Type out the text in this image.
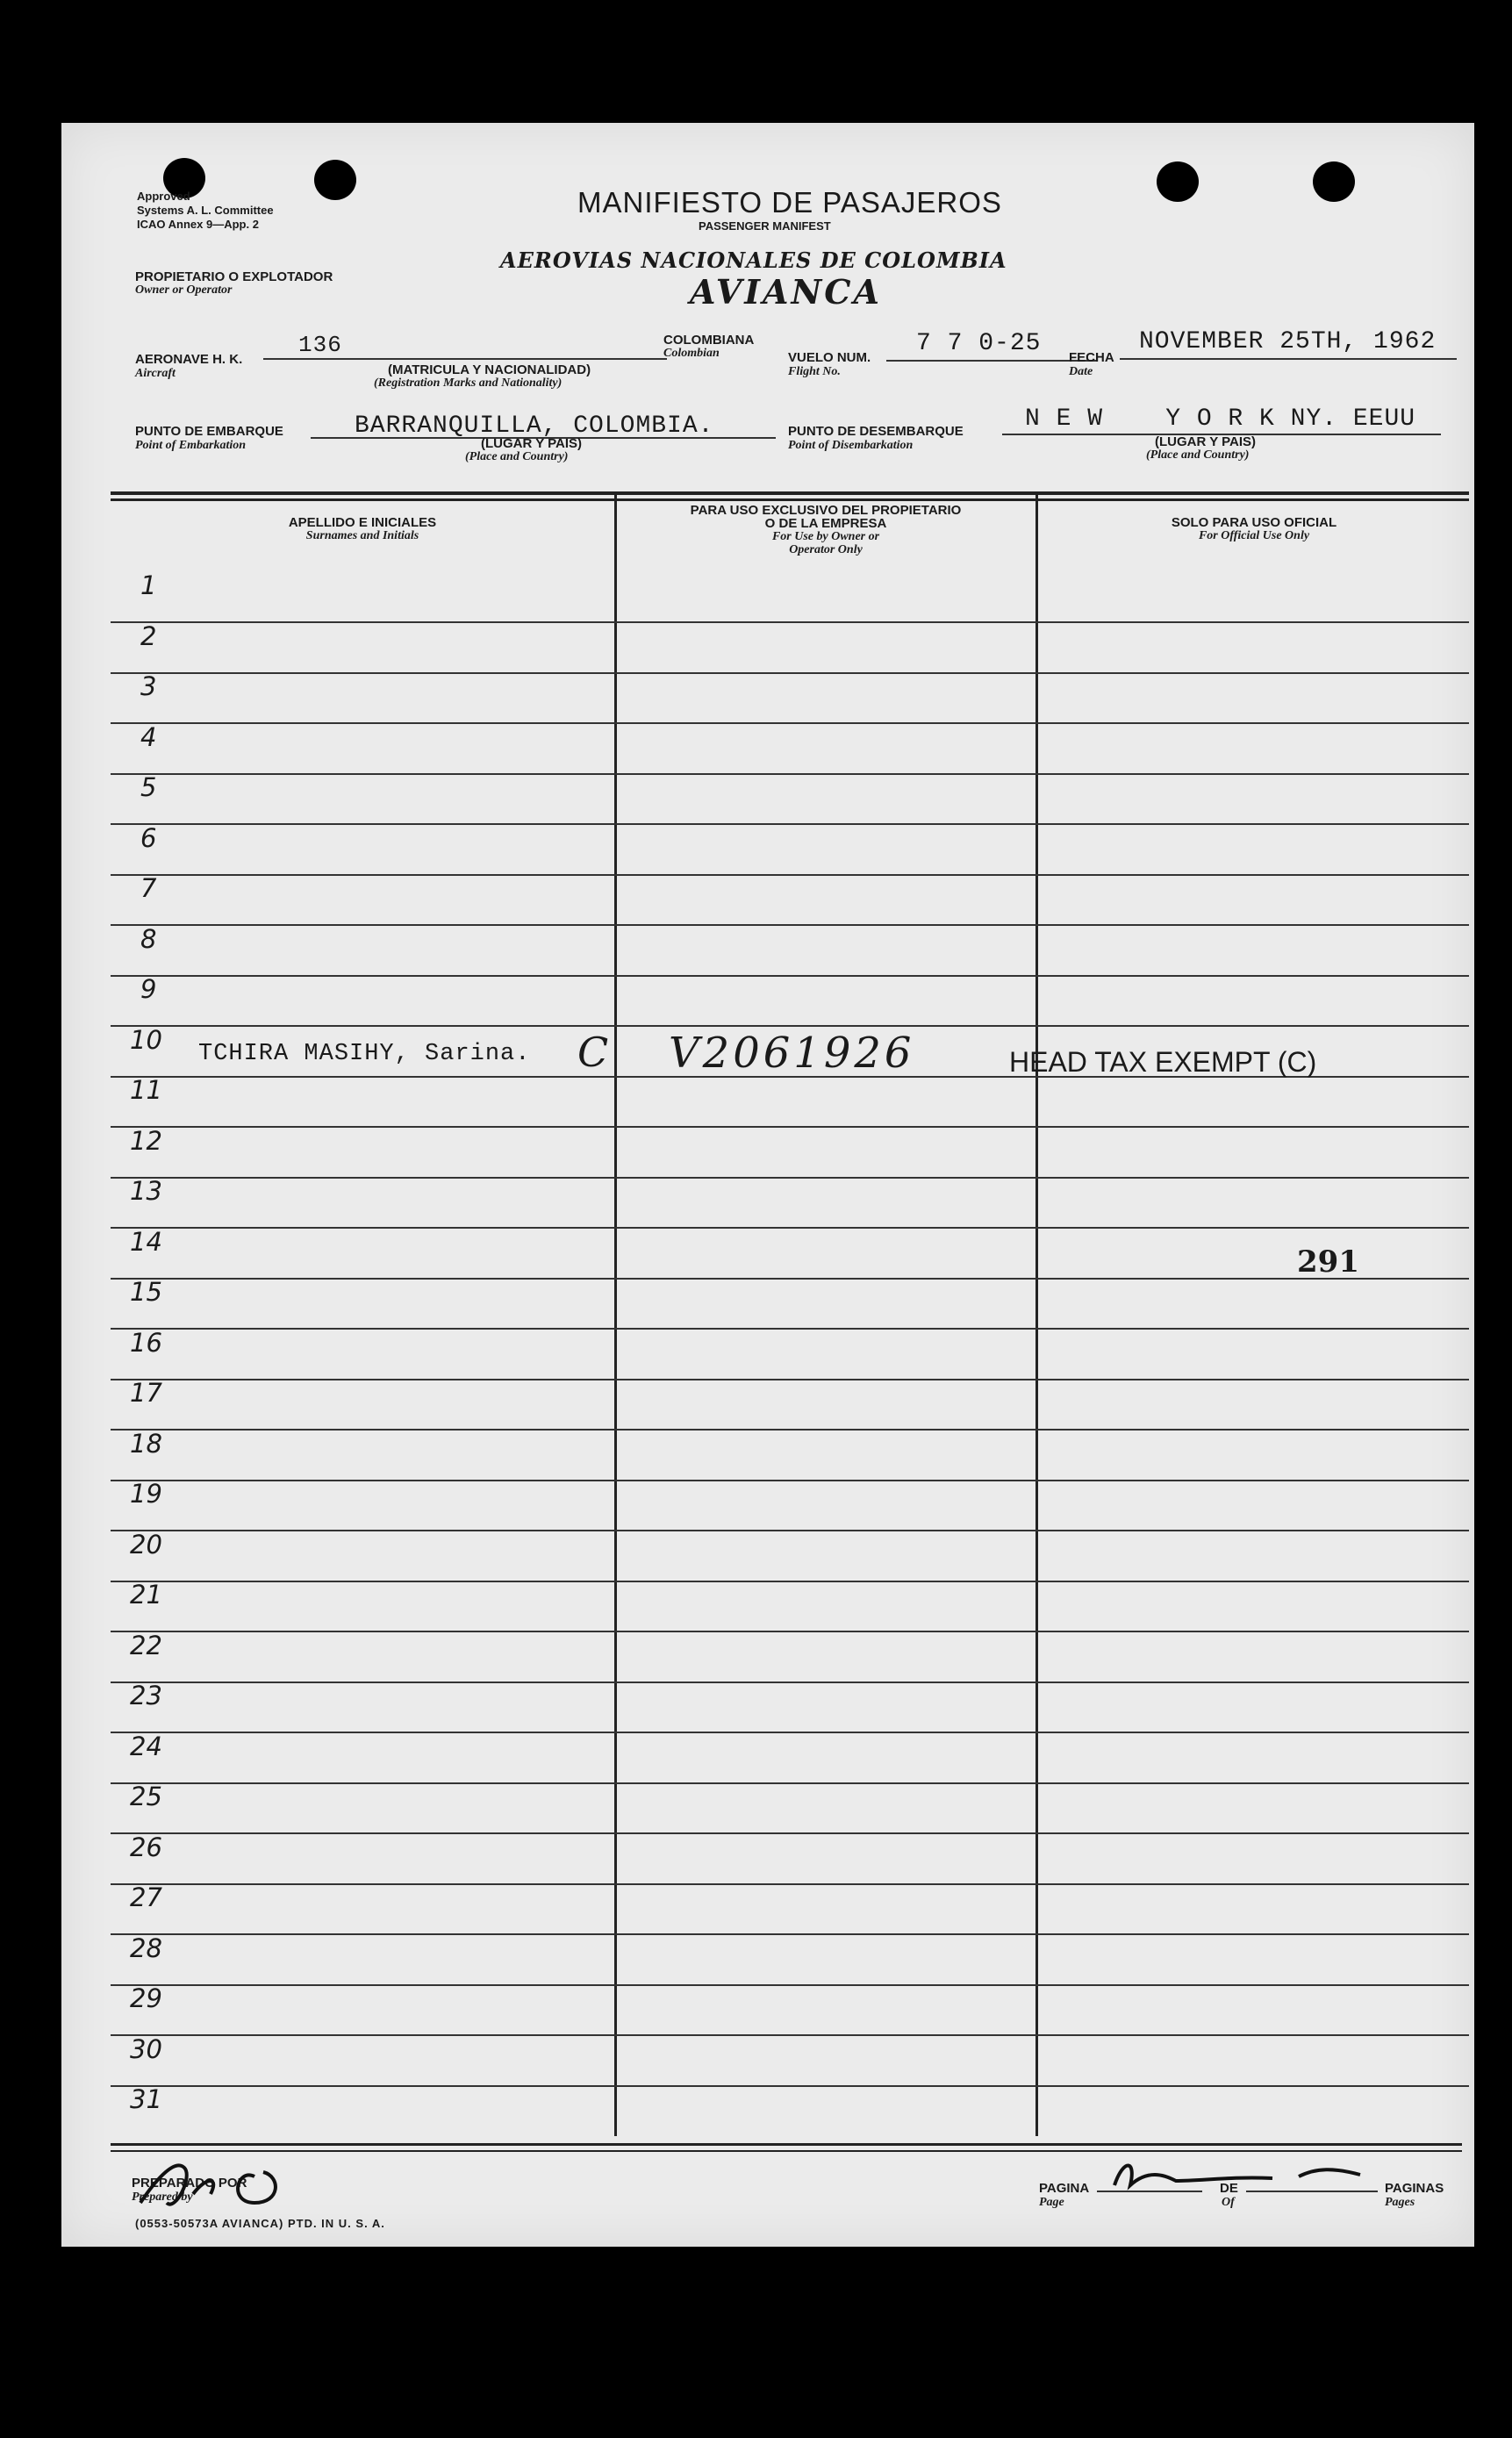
Approved
Systems A. L. Committee
ICAO Annex 9—App. 2
MANIFIESTO DE PASAJEROS
PASSENGER MANIFEST
AEROVIAS NACIONALES DE COLOMBIA
AVIANCA
PROPIETARIO O EXPLOTADOR
Owner or Operator
AERONAVE H. K.
Aircraft
136
(MATRICULA Y NACIONALIDAD)
(Registration Marks and Nationality)
COLOMBIANA
Colombian	VUELO NUM.
Flight No.
7 7 0-25
FECHA
Date
NOVEMBER 25TH, 1962
PUNTO DE EMBARQUE
Point of Embarkation
BARRANQUILLA, COLOMBIA.
(LUGAR Y PAIS)
(Place and Country)
PUNTO DE DESEMBARQUE
Point of Disembarkation
N E W    Y O R K NY. EEUU
(LUGAR Y PAIS)
(Place and Country)
APELLIDO E INICIALES
Surnames and Initials
PARA USO EXCLUSIVO DEL PROPIETARIO
O DE LA EMPRESA
For Use by Owner or
Operator Only
SOLO PARA USO OFICIAL
For Official Use Only
1
2
3
4
5
6
7
8
9
10
11
12
13
14
15
16
17
18
19
20
21
22
23
24
25
26
27
28
29
30
31
TCHIRA MASIHY, Sarina. C V2061926	HEAD TAX EXEMPT (C)
291
PREPARADO POR
Prepared by
PAGINA
Page
DE
Of
PAGINAS
Pages
(0553-50573A AVIANCA) PTD. IN U. S. A.
